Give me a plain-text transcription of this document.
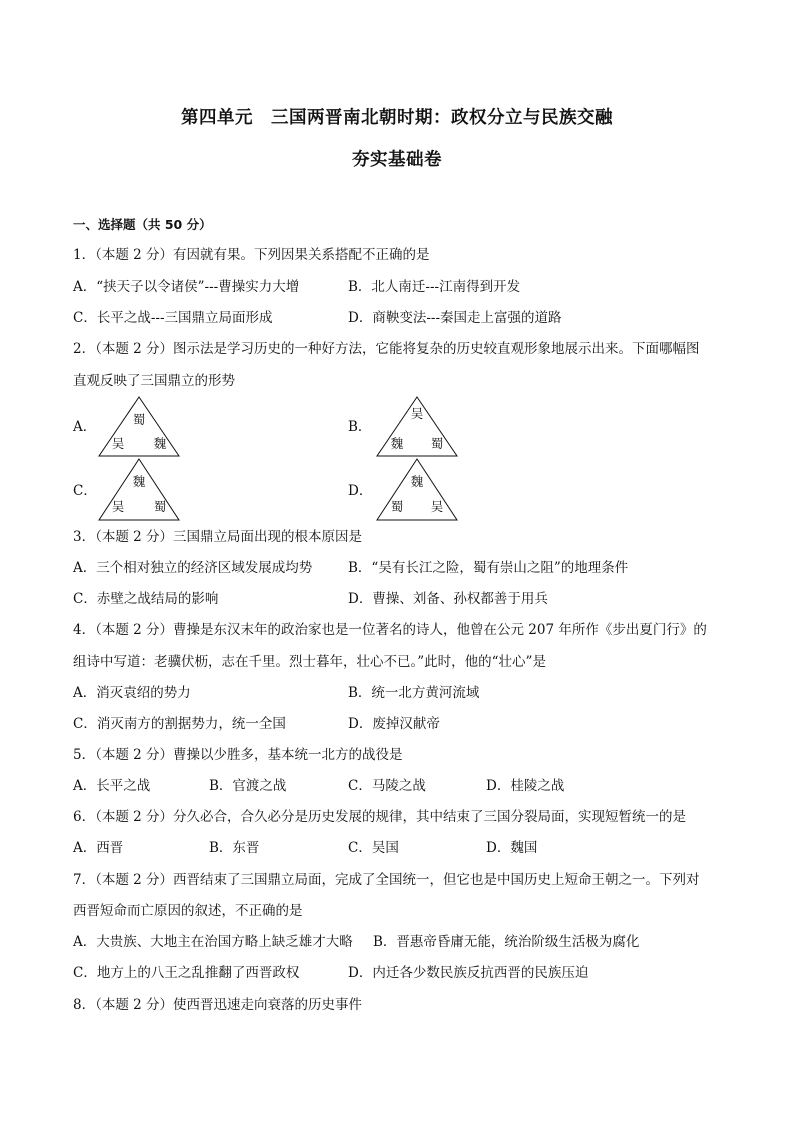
第四单元　三国两晋南北朝时期：政权分立与民族交融
夯实基础卷
一、选择题（共 50 分）
1．（本题 2 分）有因就有果。下列因果关系搭配不正确的是
A．“挟天子以令诸侯”---曹操实力大增	B．北人南迁---江南得到开发
C．长平之战---三国鼎立局面形成	D．商鞅变法---秦国走上富强的道路
2．（本题 2 分）图示法是学习历史的一种好方法，它能将复杂的历史较直观形象地展示出来。下面哪幅图
直观反映了三国鼎立的形势
A．	B．
C．	D．
蜀
吴 魏
吴
魏 蜀
魏
吴 蜀
魏
蜀 吴
3．（本题 2 分）三国鼎立局面出现的根本原因是
A．三个相对独立的经济区域发展成均势	B．“吴有长江之险，蜀有崇山之阻”的地理条件
C．赤壁之战结局的影响	D．曹操、刘备、孙权都善于用兵
4．（本题 2 分）曹操是东汉末年的政治家也是一位著名的诗人，他曾在公元 207 年所作《步出夏门行》的
组诗中写道：老骥伏枥，志在千里。烈士暮年，壮心不已。”此时，他的“壮心”是
A．消灭袁绍的势力	B．统一北方黄河流域
C．消灭南方的割据势力，统一全国	D．废掉汉献帝
5．（本题 2 分）曹操以少胜多，基本统一北方的战役是
A．长平之战	B．官渡之战	C．马陵之战	D．桂陵之战
6．（本题 2 分）分久必合，合久必分是历史发展的规律，其中结束了三国分裂局面，实现短暂统一的是
A．西晋	B．东晋	C．吴国	D．魏国
7．（本题 2 分）西晋结束了三国鼎立局面，完成了全国统一，但它也是中国历史上短命王朝之一。下列对
西晋短命而亡原因的叙述，不正确的是
A．大贵族、大地主在治国方略上缺乏雄才大略 B．晋惠帝昏庸无能，统治阶级生活极为腐化
C．地方上的八王之乱推翻了西晋政权	D．内迁各少数民族反抗西晋的民族压迫
8．（本题 2 分）使西晋迅速走向衰落的历史事件
